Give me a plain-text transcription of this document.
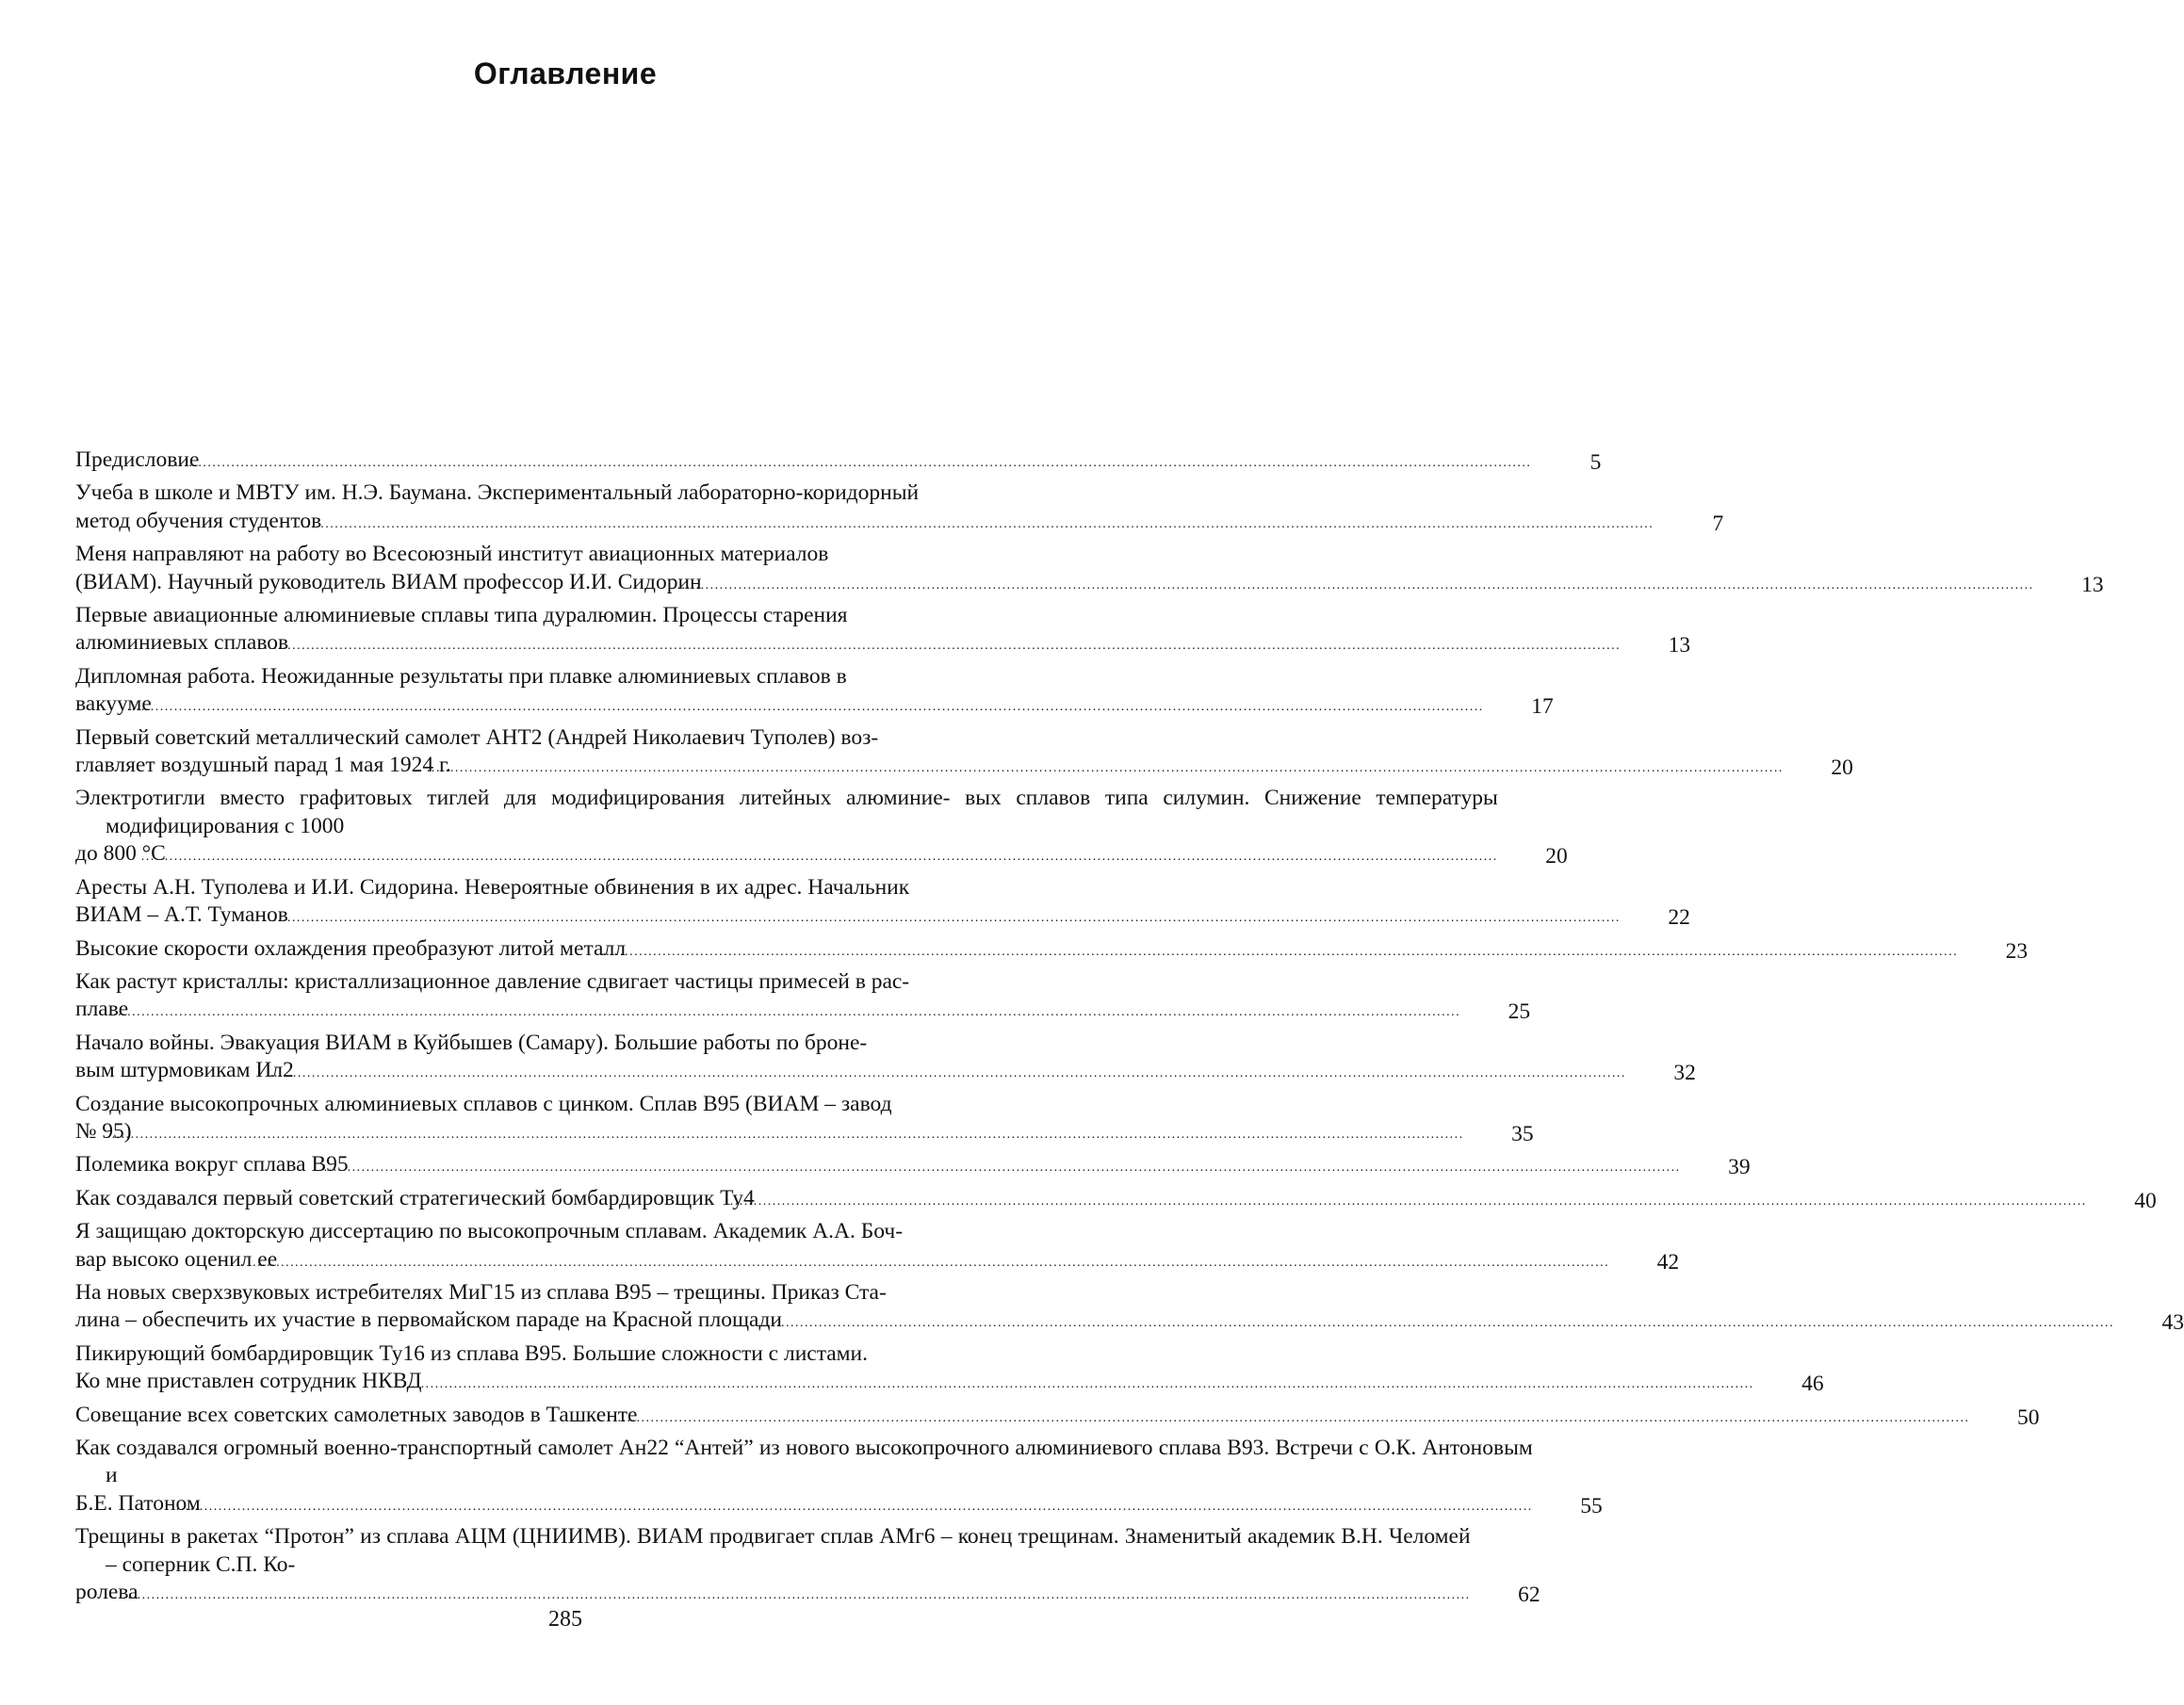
Оглавление
Предисловие .....	5
Учеба в школе и МВТУ им. Н.Э. Баумана. Экспериментальный лабораторно-коридорный
метод обучения студентов .....	7
Меня направляют на работу во Всесоюзный институт авиационных материалов
(ВИАМ). Научный руководитель ВИАМ профессор И.И. Сидорин .....	13
Первые авиационные алюминиевые сплавы типа дуралюмин. Процессы старения
алюминиевых сплавов .....	13
Дипломная работа. Неожиданные результаты при плавке алюминиевых сплавов в
вакууме .....	17
Первый советский металлический самолет АНТ2 (Андрей Николаевич Туполев) воз-
главляет воздушный парад 1 мая 1924 г. .....	20
Электротигли вместо графитовых тиглей для модифицирования литейных алюминие- вых сплавов типа силумин. Снижение температуры модифицирования с 1000
до 800 °С .....	20
Аресты А.Н. Туполева и И.И. Сидорина. Невероятные обвинения в их адрес. Начальник
ВИАМ – А.Т. Туманов .....	22
Высокие скорости охлаждения преобразуют литой металл .....	23
Как растут кристаллы: кристаллизационное давление сдвигает частицы примесей в рас-
плаве .....	25
Начало войны. Эвакуация ВИАМ в Куйбышев (Самару). Большие работы по броне-
вым штурмовикам Ил2 .....	32
Создание высокопрочных алюминиевых сплавов с цинком. Сплав В95 (ВИАМ – завод
№ 95) .....	35
Полемика вокруг сплава В95 .....	39
Как создавался первый советский стратегический бомбардировщик Ту4 .....	40
Я защищаю докторскую диссертацию по высокопрочным сплавам. Академик А.А. Боч-
вар высоко оценил ее .....	42
На новых сверхзвуковых истребителях МиГ15 из сплава В95 – трещины. Приказ Ста-
лина – обеспечить их участие в первомайском параде на Красной площади .....	43
Пикирующий бомбардировщик Ту16 из сплава В95. Большие сложности с листами.
Ко мне приставлен сотрудник НКВД .....	46
Совещание всех советских самолетных заводов в Ташкенте .....	50
Как создавался огромный военно-транспортный самолет Ан22 “Антей” из нового высокопрочного алюминиевого сплава В93. Встречи с О.К. Антоновым и
Б.Е. Патоном .....	55
Трещины в ракетах “Протон” из сплава АЦМ (ЦНИИМВ). ВИАМ продвигает сплав АМг6 – конец трещинам. Знаменитый академик В.Н. Челомей – соперник С.П. Ко-
ролева .....	62
285
